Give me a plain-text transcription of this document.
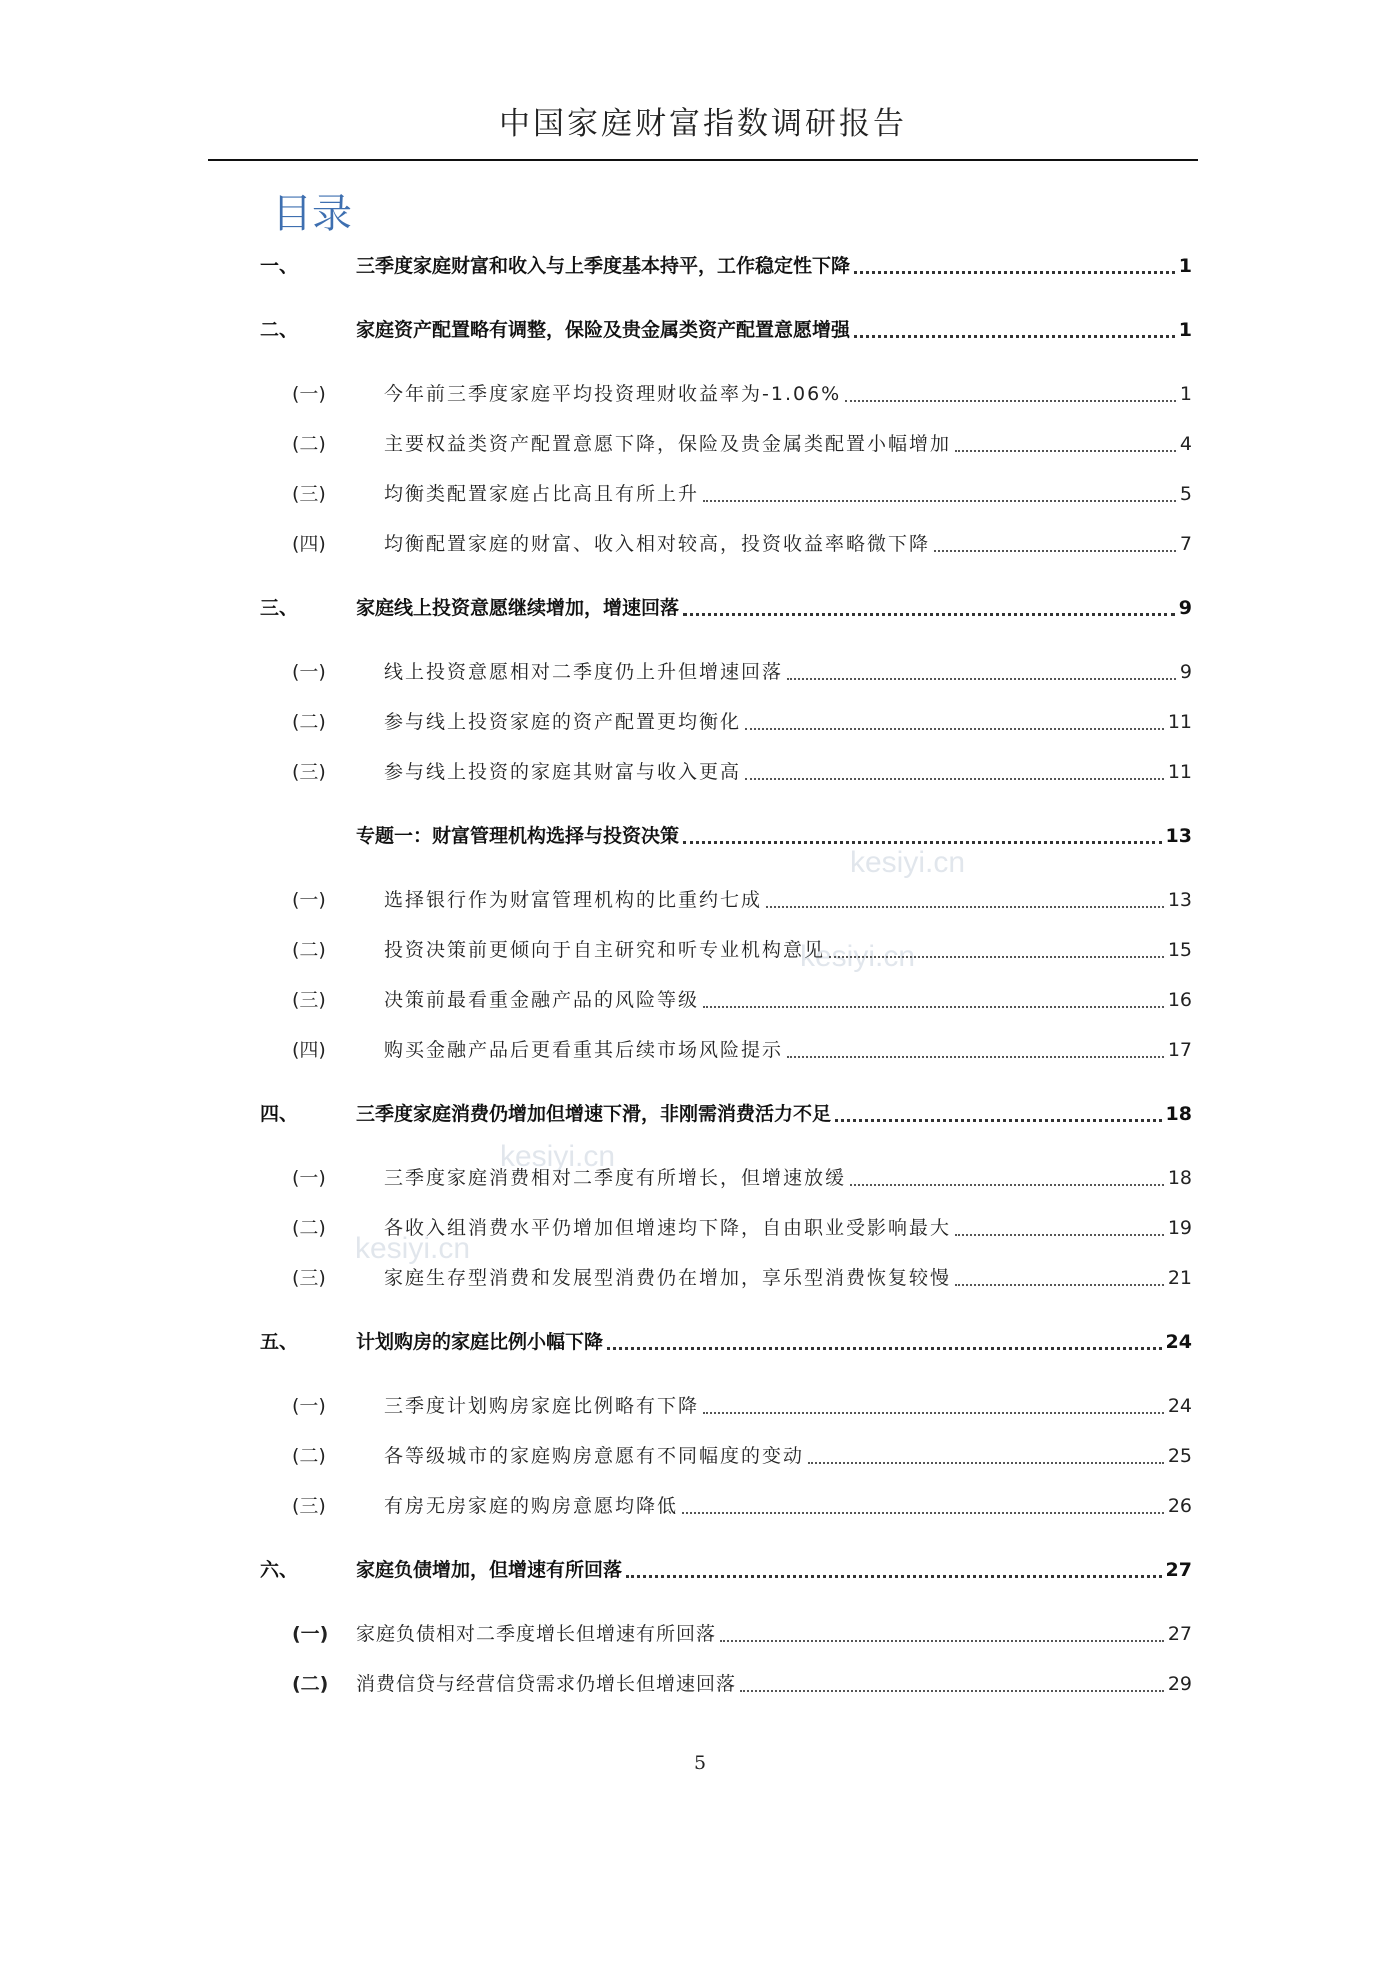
中国家庭财富指数调研报告
目录
kesiyi.cn
kesiyi.cn
kesiyi.cn
kesiyi.cn
一、	三季度家庭财富和收入与上季度基本持平，工作稳定性下降	1
二、	家庭资产配置略有调整，保险及贵金属类资产配置意愿增强	1
(一)	今年前三季度家庭平均投资理财收益率为-1.06%	1
(二)	主要权益类资产配置意愿下降，保险及贵金属类配置小幅增加	4
(三)	均衡类配置家庭占比高且有所上升	5
(四)	均衡配置家庭的财富、收入相对较高，投资收益率略微下降	7
三、	家庭线上投资意愿继续增加，增速回落	9
(一)	线上投资意愿相对二季度仍上升但增速回落	9
(二)	参与线上投资家庭的资产配置更均衡化	11
(三)	参与线上投资的家庭其财富与收入更高	11
专题一：财富管理机构选择与投资决策	13
(一)	选择银行作为财富管理机构的比重约七成	13
(二)	投资决策前更倾向于自主研究和听专业机构意见	15
(三)	决策前最看重金融产品的风险等级	16
(四)	购买金融产品后更看重其后续市场风险提示	17
四、	三季度家庭消费仍增加但增速下滑，非刚需消费活力不足	18
(一)	三季度家庭消费相对二季度有所增长，但增速放缓	18
(二)	各收入组消费水平仍增加但增速均下降，自由职业受影响最大	19
(三)	家庭生存型消费和发展型消费仍在增加，享乐型消费恢复较慢	21
五、	计划购房的家庭比例小幅下降	24
(一)	三季度计划购房家庭比例略有下降	24
(二)	各等级城市的家庭购房意愿有不同幅度的变动	25
(三)	有房无房家庭的购房意愿均降低	26
六、	家庭负债增加，但增速有所回落	27
(一)	家庭负债相对二季度增长但增速有所回落	27
(二)	消费信贷与经营信贷需求仍增长但增速回落	29
5
